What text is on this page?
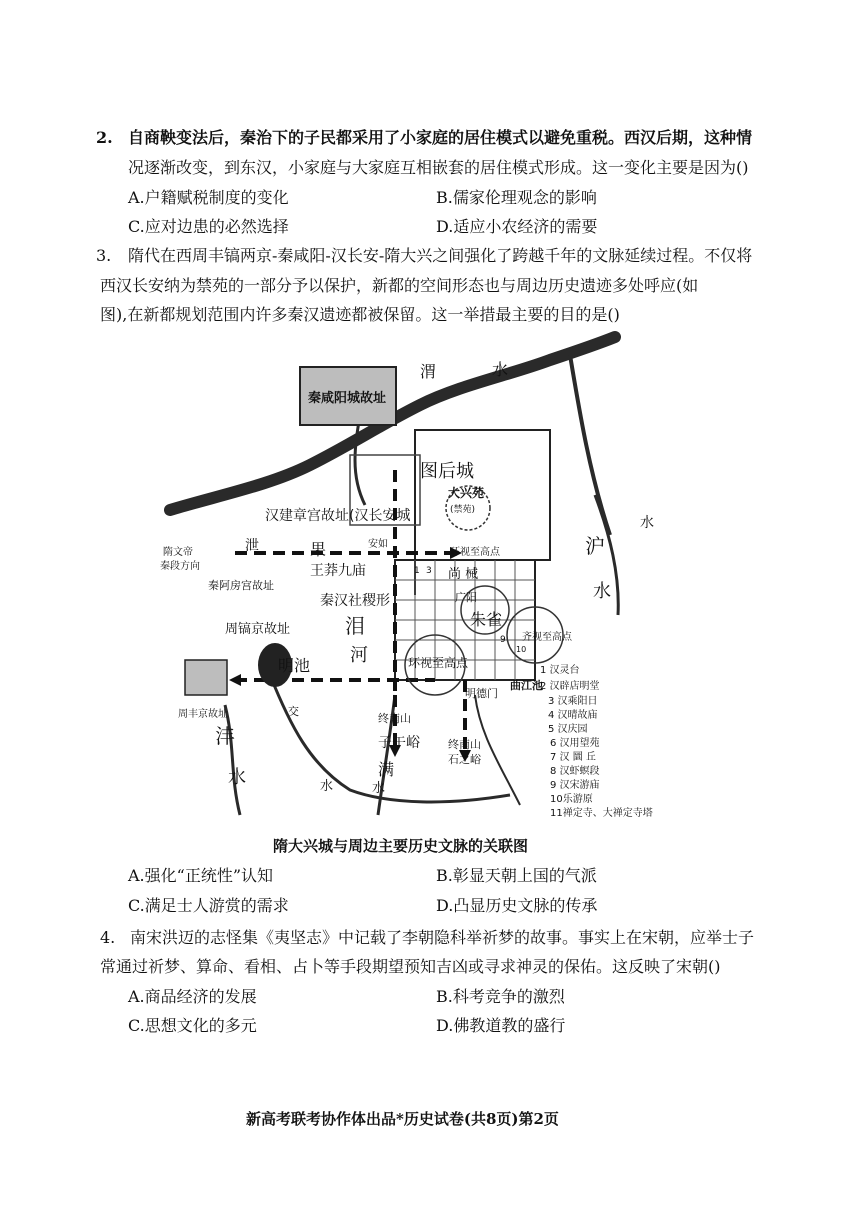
2. 自商鞅变法后，秦治下的子民都采用了小家庭的居住模式以避免重税。西汉后期，这种情
况逐渐改变，到东汉，小家庭与大家庭互相嵌套的居住模式形成。这一变化主要是因为()
A.户籍赋税制度的变化	B.儒家伦理观念的影响
C.应对边患的必然选择	D.适应小农经济的需要
3. 隋代在西周丰镐两京-秦咸阳-汉长安-隋大兴之间强化了跨越千年的文脉延续过程。不仅将
西汉长安纳为禁苑的一部分予以保护，新都的空间形态也与周边历史遗迹多处呼应(如
图),在新都规划范围内许多秦汉遗迹都被保留。这一举措最主要的目的是()
秦咸阳城故址
渭	水
图后城
大兴苑
(禁苑)
汉建章宫故址(汉长安城
隋文帝
秦段方向
泄	果	安如
环视至高点
王莽九庙	尚 械
广阳
秦阿房宫故址
秦汉社稷形
朱雀
周镐京故址	泪
河
齐视至高点
明池	环视至高点
周丰京故址
明德门
曲江池
沣
水
交
水
终南山
子午峪	终南山
石之峪
满
水
沪
水
水
1 3
9
10
1 汉灵台
2 汉辟店明堂
3 汉乘阳日
4 汉晴故庙
5 汉庆园
6 汉用望苑
7 汉 圜 丘
8 汉虾螟段
9 汉宋游庙
10乐游原
11禅定寺、大禅定寺塔
隋大兴城与周边主要历史文脉的关联图
A.强化“正统性”认知	B.彰显天朝上国的气派
C.满足士人游赏的需求	D.凸显历史文脉的传承
4. 南宋洪迈的志怪集《夷坚志》中记载了李朝隐科举祈梦的故事。事实上在宋朝，应举士子
常通过祈梦、算命、看相、占卜等手段期望预知吉凶或寻求神灵的保佑。这反映了宋朝()
A.商品经济的发展	B.科考竞争的激烈
C.思想文化的多元	D.佛教道教的盛行
新高考联考协作体出品*历史试卷(共8页)第2页
